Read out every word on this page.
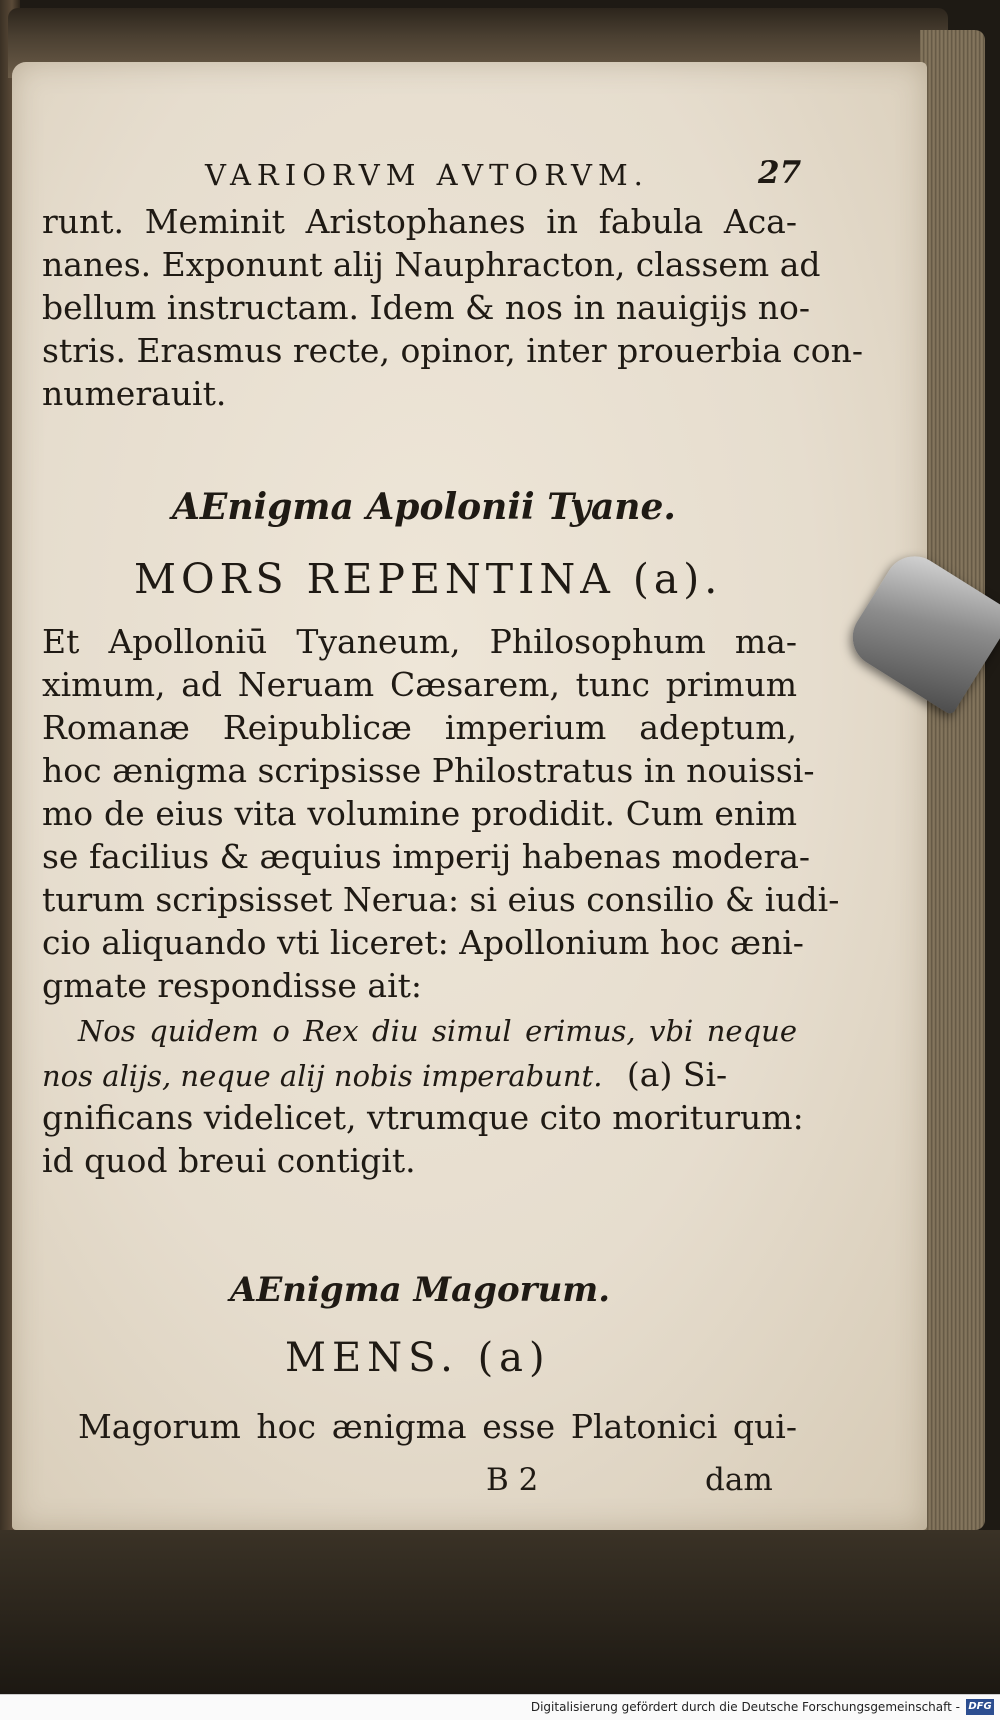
VARIORVM AVTORVM.	27
runt. Meminit Aristophanes in fabula Aca-
nanes. Exponunt alij Nauphracton, classem ad
bellum instructam. Idem & nos in nauigijs no-
stris. Erasmus recte, opinor, inter prouerbia con-
numerauit.
AEnigma Apolonii Tyane.
MORS REPENTINA (a).
Et Apolloniū Tyaneum, Philosophum ma-
ximum, ad Neruam Cæsarem, tunc primum
Romanæ Reipublicæ imperium adeptum,
hoc ænigma scripsisse Philostratus in nouissi-
mo de eius vita volumine prodidit. Cum enim
se facilius & æquius imperij habenas modera-
turum scripsisset Nerua: si eius consilio & iudi-
cio aliquando vti liceret: Apollonium hoc æni-
gmate respondisse ait:
Nos quidem o Rex diu simul erimus, vbi neque
nos alijs, neque alij nobis imperabunt. (a) Si-
gnificans videlicet, vtrumque cito moriturum:
id quod breui contigit.
AEnigma Magorum.
MENS. (a)
Magorum hoc ænigma esse Platonici qui-
B 2	dam
Digitalisierung gefördert durch die Deutsche Forschungsgemeinschaft - DFG
